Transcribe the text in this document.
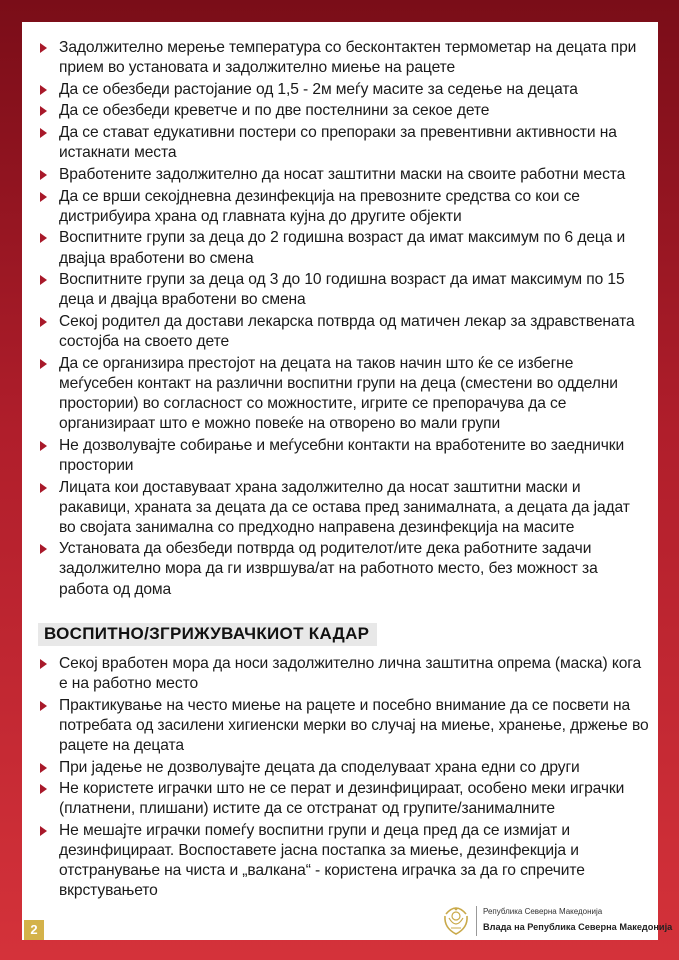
Задолжително мерење температура со бесконтактен термометар на децата при прием во установата и задолжително миење на рацете
Да се обезбеди растојание од 1,5 - 2м меѓу масите за седење на децата
Да се обезбеди креветче и по две постелнини за секое дете
Да се стават едукативни постери со препораки за превентивни активности на истакнати места
Вработените задолжително да носат заштитни маски на своите работни места
Да се врши секојдневна дезинфекција на превозните средства со кои се дистрибуира храна од главната кујна до другите објекти
Воспитните групи за деца до 2 годишна возраст да имат максимум по 6 деца и двајца вработени во смена
Воспитните групи за деца од 3 до 10 годишна возраст да имат максимум по 15 деца и двајца вработени во смена
Секој родител да достави лекарска потврда од матичен лекар за здравствената состојба на своето дете
Да се организира престојот на децата на таков начин што ќе се избегне меѓусебен контакт на различни воспитни групи на деца (сместени во одделни простории) во согласност со можностите, игрите се препорачува да се организираат што е можно повеќе на отворено во мали групи
Не дозволувајте собирање и меѓусебни контакти на вработените во заеднички простории
Лицата кои доставуваат храна задолжително да носат заштитни маски и ракавици, храната за децата да се остава пред занималната, а децата да јадат во својата занимална со предходно направена дезинфекција на масите
Установата да обезбеди потврда од родителот/ите дека работните задачи задолжително мора да ги извршува/ат на работното место, без можност за работа од дома
ВОСПИТНО/ЗГРИЖУВАЧКИОТ КАДАР
Секој вработен мора да носи задолжително лична заштитна опрема (маска) кога е на работно место
Практикување на често миење на рацете и посебно внимание да се посвети на потребата од засилени хигиенски мерки во случај на миење, хранење, држење во рацете на децата
При јадење не дозволувајте децата да споделуваат храна едни со други
Не користете играчки што не се перат и дезинфицираат, особено меки играчки (платнени, плишани) истите да се отстранат од групите/занималните
Не мешајте играчки помеѓу воспитни групи и деца пред да се измијат и дезинфицираат. Воспоставете јасна постапка за миење, дезинфекција и отстранување на чиста и „валкана“ - користена играчка за да го спречите вкрстувањето
2
Република Северна Македонија
Влада на Република Северна Македонија
